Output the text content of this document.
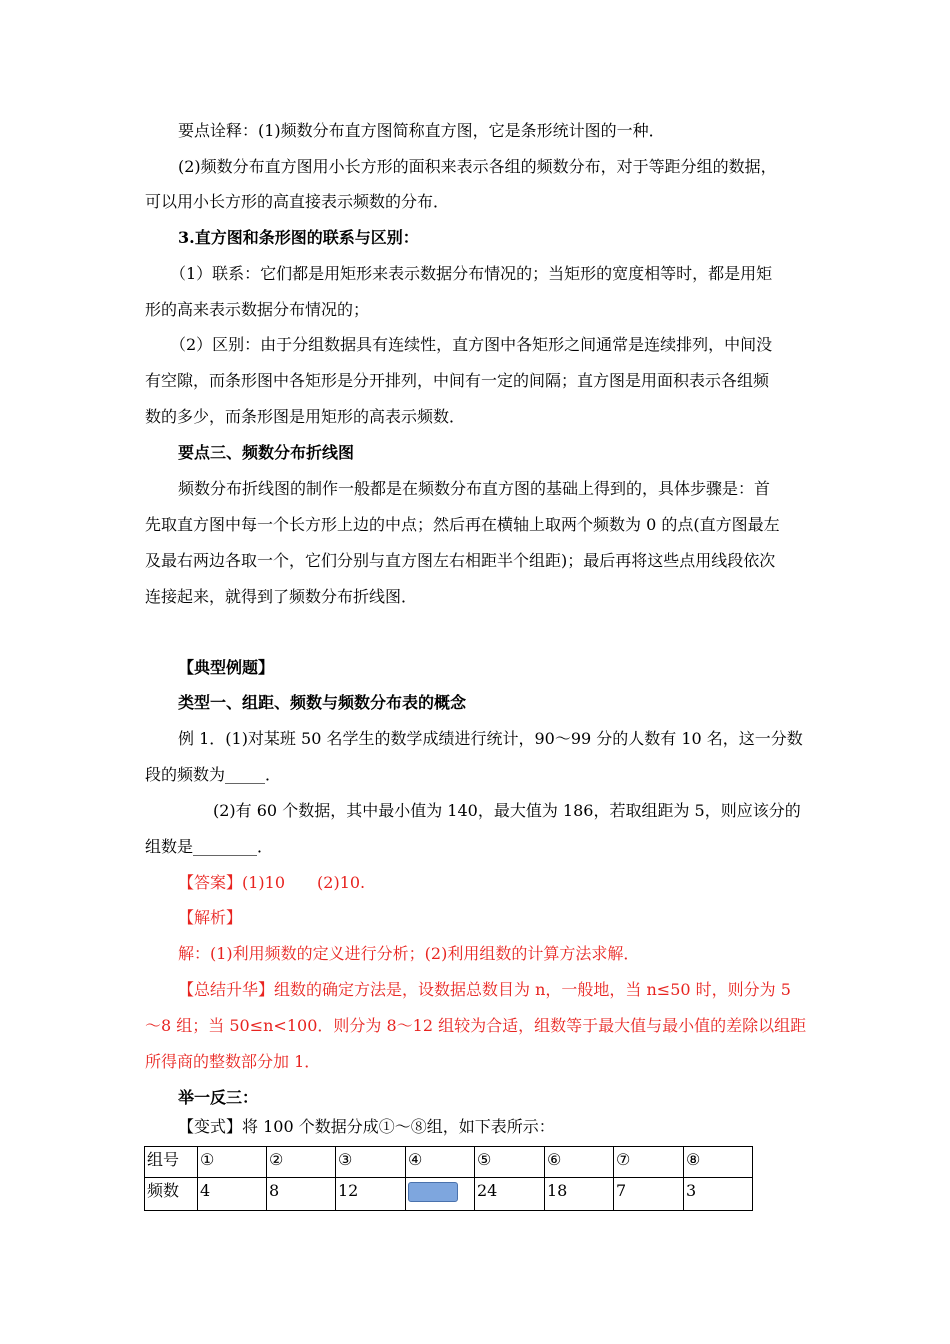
要点诠释：(1)频数分布直方图简称直方图，它是条形统计图的一种．
(2)频数分布直方图用小长方形的面积来表示各组的频数分布，对于等距分组的数据，
可以用小长方形的高直接表示频数的分布．
3.直方图和条形图的联系与区别：
（1）联系：它们都是用矩形来表示数据分布情况的；当矩形的宽度相等时，都是用矩
形的高来表示数据分布情况的；
（2）区别：由于分组数据具有连续性，直方图中各矩形之间通常是连续排列，中间没
有空隙，而条形图中各矩形是分开排列，中间有一定的间隔；直方图是用面积表示各组频
数的多少，而条形图是用矩形的高表示频数．
要点三、频数分布折线图
频数分布折线图的制作一般都是在频数分布直方图的基础上得到的，具体步骤是：首
先取直方图中每一个长方形上边的中点；然后再在横轴上取两个频数为 0 的点(直方图最左
及最右两边各取一个，它们分别与直方图左右相距半个组距)；最后再将这些点用线段依次
连接起来，就得到了频数分布折线图．
【典型例题】
类型一、组距、频数与频数分布表的概念
例 1．(1)对某班 50 名学生的数学成绩进行统计，90～99 分的人数有 10 名，这一分数
段的频数为_____．
(2)有 60 个数据，其中最小值为 140，最大值为 186，若取组距为 5，则应该分的
组数是________．
【答案】(1)10　　(2)10.
【解析】
解：(1)利用频数的定义进行分析；(2)利用组数的计算方法求解．
【总结升华】组数的确定方法是，设数据总数目为 n，一般地，当 n≤50 时，则分为 5
～8 组；当 50≤n<100．则分为 8～12 组较为合适，组数等于最大值与最小值的差除以组距
所得商的整数部分加 1．
举一反三：
【变式】将 100 个数据分成①～⑧组，如下表所示：
组号	①	②	③	④	⑤	⑥	⑦	⑧
频数	4	8	12		24	18	7	3
